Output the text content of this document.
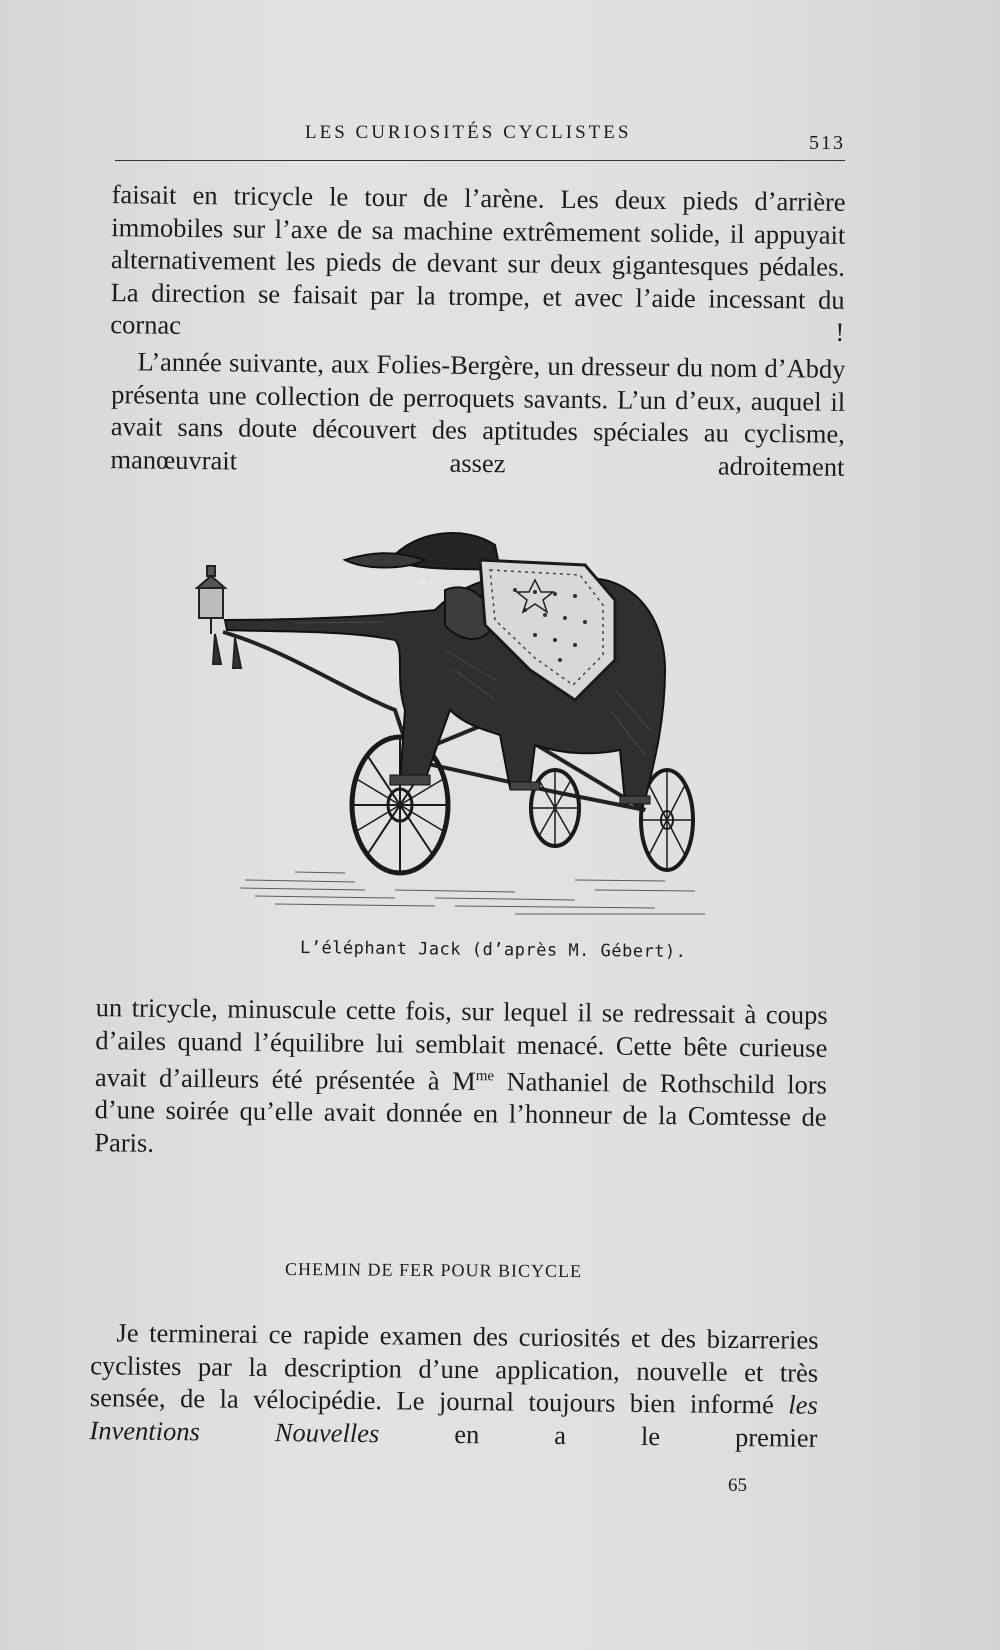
LES CURIOSITÉS CYCLISTES	513

faisait en tricycle le tour de l’arène. Les deux pieds d’arrière immobiles sur l’axe de sa machine extrêmement solide, il appuyait alternativement les pieds de devant sur deux gigantesques pédales. La direction se faisait par la trompe, et avec l’aide incessant du cornac !

L’année suivante, aux Folies-Bergère, un dresseur du nom d’Abdy présenta une collection de perroquets savants. L’un d’eux, auquel il avait sans doute découvert des aptitudes spéciales au cyclisme, manœuvrait assez adroitement

L’éléphant Jack (d’après M. Gébert).

un tricycle, minuscule cette fois, sur lequel il se redressait à coups d’ailes quand l’équilibre lui semblait menacé. Cette bête curieuse avait d’ailleurs été présentée à $M^{me}$ Nathaniel de Rothschild lors d’une soirée qu’elle avait donnée en l’honneur de la Comtesse de Paris.

CHEMIN DE FER POUR BICYCLE

Je terminerai ce rapide examen des curiosités et des bizarreries cyclistes par la description d’une application, nouvelle et très sensée, de la vélocipédie. Le journal toujours bien informé les Inventions Nouvelles en a le premier

65
